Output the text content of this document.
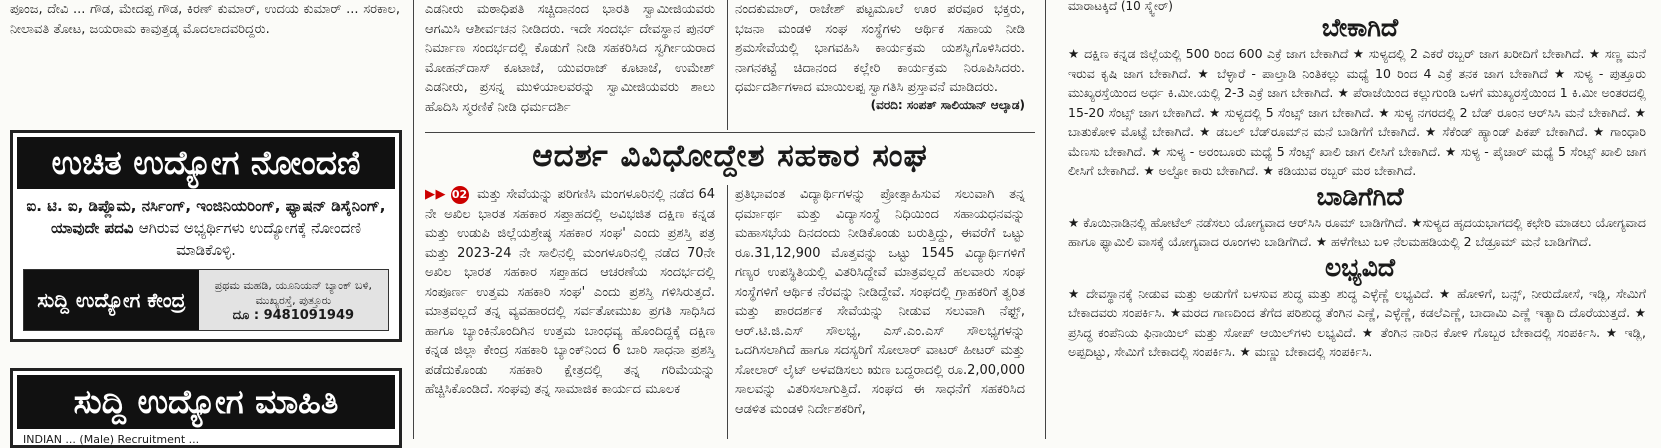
ಪೂಂಜ, ದೇವಿ ... ಗೌಡ, ಮೇದಪ್ಪ ಗೌಡ, ಕಿರಣ್ ಕುಮಾರ್, ಉದಯ ಕುಮಾರ್ ... ಸರಕಾಲ, ನೀಲಾವತಿ ತೋಟ, ಜಯರಾಮ ಕಾವುತ್ತಡ್ಕ ಮೊದಲಾದವರಿದ್ದರು.

ಉಚಿತ ಉದ್ಯೋಗ ನೋಂದಣಿ
ಐ. ಟಿ. ಐ, ಡಿಪ್ಲೊಮ, ನರ್ಸಿಂಗ್, ಇಂಜಿನಿಯರಿಂಗ್, ಫ್ಯಾಷನ್ ಡಿಸೈನಿಂಗ್, ಯಾವುದೇ ಪದವಿ ಆಗಿರುವ ಅಭ್ಯರ್ಥಿಗಳು ಉದ್ಯೋಗಕ್ಕೆ ನೋಂದಣಿ ಮಾಡಿಕೊಳ್ಳಿ.
ಸುದ್ದಿ ಉದ್ಯೋಗ ಕೇಂದ್ರ
ಪ್ರಥಮ ಮಹಡಿ, ಯೂನಿಯನ್ ಬ್ಯಾಂಕ್ ಬಳಿ, ಮುಖ್ಯರಸ್ತೆ, ಪುತ್ತೂರು
ದೂ : 9481091949
ಸುದ್ದಿ ಉದ್ಯೋಗ ಮಾಹಿತಿ
INDIAN ... (Male) Recruitment ...

ಎಡನೀರು ಮಠಾಧಿಪತಿ ಸಚ್ಚಿದಾನಂದ ಭಾರತಿ ಸ್ವಾಮೀಜಿಯವರು ಆಗಮಿಸಿ ಆಶೀರ್ವಚನ ನೀಡಿದರು. ಇದೇ ಸಂದರ್ಭ ದೇವಸ್ಥಾನ ಪುನರ್ ನಿರ್ಮಾಣ ಸಂದರ್ಭದಲ್ಲಿ ಕೊಡುಗೆ ನೀಡಿ ಸಹಕರಿಸಿದ ಸ್ವರ್ಗೀಯರಾದ ಮೋಹನ್‌ದಾಸ್ ಕೂಟಾಜೆ, ಯುವರಾಜ್ ಕೂಟಾಜೆ, ಉಮೇಶ್ ಎಡನೀರು, ಪ್ರಸನ್ನ ಮುಳಿಯಾಲವರನ್ನು ಸ್ವಾಮೀಜಿಯವರು ಶಾಲು ಹೊದಿಸಿ ಸ್ಮರಣಿಕೆ ನೀಡಿ ಧರ್ಮದರ್ಶಿ

ನಂದಕುಮಾರ್, ರಾಜೇಶ್ ಪಟ್ಟಮೂಲೆ ಊರ ಪರವೂರ ಭಕ್ತರು, ಭಜನಾ ಮಂಡಳಿ ಸಂಘ ಸಂಸ್ಥೆಗಳು ಆರ್ಥಿಕ ಸಹಾಯ ನೀಡಿ ಶ್ರಮಸೇವೆಯಲ್ಲಿ ಭಾಗವಹಿಸಿ ಕಾರ್ಯಕ್ರಮ ಯಶಸ್ವಿಗೊಳಿಸಿದರು. ನಾಗನಕಟ್ಟೆ ಚಿದಾನಂದ ಕಲ್ಲೇರಿ ಕಾರ್ಯಕ್ರಮ ನಿರೂಪಿಸಿದರು. ಧರ್ಮದರ್ಶಿಗಳಾದ ಮಾಯಿಲಪ್ಪ ಸ್ವಾಗತಿಸಿ ಪ್ರಸ್ತಾವನೆ ಮಾಡಿದರು.

(ವರದಿ: ಸಂಪತ್ ಸಾಲಿಯಾನ್ ಆಲ್ಕಾಡ)
ಆದರ್ಶ ವಿವಿಧೋದ್ದೇಶ ಸಹಕಾರ ಸಂಘ

▶▶ 02 ಮತ್ತು ಸೇವೆಯನ್ನು ಪರಿಗಣಿಸಿ ಮಂಗಳೂರಿನಲ್ಲಿ ನಡೆದ 64 ನೇ ಅಖಿಲ ಭಾರತ ಸಹಕಾರ ಸಪ್ತಾಹದಲ್ಲಿ ಅವಿಭಜಿತ ದಕ್ಷಿಣ ಕನ್ನಡ ಮತ್ತು ಉಡುಪಿ ಜಿಲ್ಲೆಯಶ್ರೇಷ್ಠ ಸಹಕಾರ ಸಂಘ' ಎಂದು ಪ್ರಶಸ್ತಿ ಪತ್ರ ಮತ್ತು 2023-24 ನೇ ಸಾಲಿನಲ್ಲಿ ಮಂಗಳೂರಿನಲ್ಲಿ ನಡೆದ 70ನೇ ಅಖಿಲ ಭಾರತ ಸಹಕಾರ ಸಪ್ತಾಹದ ಆಚರಣೆಯ ಸಂದರ್ಭದಲ್ಲಿ ಸಂಪೂರ್ಣ ಉತ್ತಮ ಸಹಕಾರಿ ಸಂಘ' ಎಂದು ಪ್ರಶಸ್ತಿ ಗಳಿಸಿರುತ್ತದೆ. ಮಾತ್ರವಲ್ಲದೆ ತನ್ನ ವ್ಯವಹಾರದಲ್ಲಿ ಸರ್ವತೋಮುಖ ಪ್ರಗತಿ ಸಾಧಿಸಿದ ಹಾಗೂ ಬ್ಯಾಂಕಿನೊಂದಿಗಿನ ಉತ್ತಮ ಬಾಂಧವ್ಯ ಹೊಂದಿದ್ದಕ್ಕೆ ದಕ್ಷಿಣ ಕನ್ನಡ ಜಿಲ್ಲಾ ಕೇಂದ್ರ ಸಹಕಾರಿ ಬ್ಯಾಂಕ್‌ನಿಂದ 6 ಬಾರಿ ಸಾಧನಾ ಪ್ರಶಸ್ತಿ ಪಡೆದುಕೊಂಡು ಸಹಕಾರಿ ಕ್ಷೇತ್ರದಲ್ಲಿ ತನ್ನ ಗರಿಮೆಯನ್ನು ಹೆಚ್ಚಿಸಿಕೊಂಡಿದೆ. ಸಂಘವು ತನ್ನ ಸಾಮಾಜಿಕ ಕಾರ್ಯದ ಮೂಲಕ

ಪ್ರತಿಭಾವಂತ ವಿದ್ಯಾರ್ಥಿಗಳನ್ನು ಪ್ರೋತ್ಸಾಹಿಸುವ ಸಲುವಾಗಿ ತನ್ನ ಧರ್ಮಾರ್ಥ ಮತ್ತು ವಿದ್ಯಾಸಂಸ್ಥೆ ನಿಧಿಯಿಂದ ಸಹಾಯಧನವನ್ನು ಮಹಾಸಭೆಯ ದಿನದಂದು ನೀಡಿಕೊಂಡು ಬರುತ್ತಿದ್ದು, ಈವರೆಗೆ ಒಟ್ಟು ರೂ.31,12,900 ಮೊತ್ತವನ್ನು ಒಟ್ಟು 1545 ವಿದ್ಯಾರ್ಥಿಗಳಿಗೆ ಗಣ್ಯರ ಉಪಸ್ಥಿತಿಯಲ್ಲಿ ವಿತರಿಸಿದ್ದೇವೆ ಮಾತ್ರವಲ್ಲದೆ ಹಲವಾರು ಸಂಘ ಸಂಸ್ಥೆಗಳಿಗೆ ಆರ್ಥಿಕ ನೆರವನ್ನು ನೀಡಿದ್ದೇವೆ. ಸಂಘದಲ್ಲಿ ಗ್ರಾಹಕರಿಗೆ ತ್ವರಿತ ಮತ್ತು ಪಾರದರ್ಶಕ ಸೇವೆಯನ್ನು ನೀಡುವ ಸಲುವಾಗಿ ನೆಫ್ಟ್, ಆರ್.ಟಿ.ಜಿ.ಎಸ್ ಸೌಲಭ್ಯ, ಎಸ್.ಎಂ.ಎಸ್ ಸೌಲಭ್ಯಗಳನ್ನು ಒದಗಿಸಲಾಗಿದೆ ಹಾಗೂ ಸದಸ್ಯರಿಗೆ ಸೋಲಾರ್ ವಾಟರ್ ಹೀಟರ್ ಮತ್ತು ಸೋಲಾರ್ ಲೈಟ್ ಅಳವಡಿಸಲು ಋಣ ಬದ್ದರಾದಲ್ಲಿ ರೂ.2,00,000 ಸಾಲವನ್ನು ವಿತರಿಸಲಾಗುತ್ತಿದೆ. ಸಂಘದ ಈ ಸಾಧನೆಗೆ ಸಹಕರಿಸಿದ ಆಡಳಿತ ಮಂಡಳಿ ನಿರ್ದೇಶಕರಿಗೆ,

ಮಾರಾಟಕ್ಕಿದೆ (10 ಸ್ಕ್ವೇರ್)

ಬೇಕಾಗಿದೆ

★ ದಕ್ಷಿಣ ಕನ್ನಡ ಜಿಲ್ಲೆಯಲ್ಲಿ 500 ರಿಂದ 600 ಎಕ್ರೆ ಜಾಗ ಬೇಕಾಗಿದೆ ★ ಸುಳ್ಯದಲ್ಲಿ 2 ಎಕರೆ ರಬ್ಬರ್ ಜಾಗ ಖರೀದಿಗೆ ಬೇಕಾಗಿದೆ. ★ ಸಣ್ಣ ಮನೆ ಇರುವ ಕೃಷಿ ಜಾಗ ಬೇಕಾಗಿದೆ. ★ ಬೆಳ್ಳಾರೆ - ಪಾಲ್ತಾಡಿ ನಿಂತಿಕಲ್ಲು ಮಧ್ಯೆ 10 ರಿಂದ 4 ಎಕ್ರೆ ತನಕ ಜಾಗ ಬೇಕಾಗಿದೆ ★ ಸುಳ್ಯ - ಪುತ್ತೂರು ಮುಖ್ಯರಸ್ತೆಯಿಂದ ಅರ್ಧ ಕಿ.ಮೀ.ಯಲ್ಲಿ 2-3 ಎಕ್ರೆ ಜಾಗ ಬೇಕಾಗಿದೆ. ★ ಪೆರಾಜೆಯಿಂದ ಕಲ್ಲುಗುಂಡಿ ಒಳಗೆ ಮುಖ್ಯರಸ್ತೆಯಿಂದ 1 ಕಿ.ಮೀ ಅಂತರದಲ್ಲಿ 15-20 ಸೆಂಟ್ಸ್ ಜಾಗ ಬೇಕಾಗಿದೆ. ★ ಸುಳ್ಯದಲ್ಲಿ 5 ಸೆಂಟ್ಸ್ ಜಾಗ ಬೇಕಾಗಿದೆ. ★ ಸುಳ್ಯ ನಗರದಲ್ಲಿ 2 ಬೆಡ್ ರೂಂನ ಆರ್‌ಸಿಸಿ ಮನೆ ಬೇಕಾಗಿದೆ. ★ ಬಾತುಕೋಳಿ ಮೊಟ್ಟೆ ಬೇಕಾಗಿದೆ. ★ ಡಬಲ್ ಬೆಡ್‌ರೂಮ್‌ನ ಮನೆ ಬಾಡಿಗೆಗೆ ಬೇಕಾಗಿದೆ. ★ ಸೆಕೆಂಡ್ ಹ್ಯಾಂಡ್ ಪಿಕಪ್ ಬೇಕಾಗಿದೆ. ★ ಗಾಂಧಾರಿ ಮೆಣಸು ಬೇಕಾಗಿದೆ. ★ ಸುಳ್ಯ - ಅರಂಬೂರು ಮಧ್ಯೆ 5 ಸೆಂಟ್ಸ್ ಖಾಲಿ ಜಾಗ ಲೀಸಿಗೆ ಬೇಕಾಗಿದೆ. ★ ಸುಳ್ಯ - ಪೈಚಾರ್ ಮಧ್ಯೆ 5 ಸೆಂಟ್ಸ್ ಖಾಲಿ ಜಾಗ ಲೀಸಿಗೆ ಬೇಕಾಗಿದೆ. ★ ಅಲ್ಟೋ ಕಾರು ಬೇಕಾಗಿದೆ. ★ ಕಡಿಯುವ ರಬ್ಬರ್ ಮರ ಬೇಕಾಗಿದೆ.

ಬಾಡಿಗೆಗಿದೆ

★ ಕೊಯಿನಾಡಿನಲ್ಲಿ ಹೋಟೆಲ್ ನಡೆಸಲು ಯೋಗ್ಯವಾದ ಆರ್‌ಸಿಸಿ ರೂಮ್ ಬಾಡಿಗೆಗಿದೆ. ★ಸುಳ್ಯದ ಹೃದಯಭಾಗದಲ್ಲಿ ಕಛೇರಿ ಮಾಡಲು ಯೋಗ್ಯವಾದ ಹಾಗೂ ಫ್ಯಾಮಿಲಿ ವಾಸಕ್ಕೆ ಯೋಗ್ಯವಾದ ರೂಂಗಳು ಬಾಡಿಗೆಗಿದೆ. ★ ಹಳೆಗೇಟು ಬಳಿ ನೆಲಮಹಡಿಯಲ್ಲಿ 2 ಬೆಡ್ರೂಮ್ ಮನೆ ಬಾಡಿಗೆಗಿದೆ.

ಲಭ್ಯವಿದೆ

★ ದೇವಸ್ಥಾನಕ್ಕೆ ನೀಡುವ ಮತ್ತು ಅಡುಗೆಗೆ ಬಳಸುವ ಶುದ್ಧ ಮತ್ತು ಶುದ್ಧ ಎಳ್ಳೆಣ್ಣೆ ಲಭ್ಯವಿದೆ. ★ ಹೋಳಿಗೆ, ಬನ್ಸ್, ನೀರುದೋಸೆ, ಇಡ್ಲಿ, ಸೇಮಿಗೆ ಬೇಕಾದವರು ಸಂಪರ್ಕಿಸಿ. ★ಮರದ ಗಾಣದಿಂದ ತೆಗೆದ ಪರಿಶುದ್ಧ ತೆಂಗಿನ ಎಣ್ಣೆ, ಎಳ್ಳೆಣ್ಣೆ, ಕಡಲೆಎಣ್ಣೆ, ಬಾದಾಮಿ ಎಣ್ಣೆ ಇತ್ಯಾದಿ ದೊರೆಯುತ್ತದೆ. ★ ಪ್ರಸಿದ್ಧ ಕಂಪೆನಿಯ ಫಿನಾಯಿಲ್ ಮತ್ತು ಸೋಪ್ ಆಯಿಲ್‌ಗಳು ಲಭ್ಯವಿದೆ. ★ ತೆಂಗಿನ ನಾರಿನ ಕೋಳಿ ಗೊಬ್ಬರ ಬೇಕಾದಲ್ಲಿ ಸಂಪರ್ಕಿಸಿ. ★ ಇಡ್ಲಿ, ಅಪ್ಪದಿಟ್ಟು, ಸೇಮಿಗೆ ಬೇಕಾದಲ್ಲಿ ಸಂಪರ್ಕಿಸಿ. ★ ಮಣ್ಣು ಬೇಕಾದಲ್ಲಿ ಸಂಪರ್ಕಿಸಿ.
